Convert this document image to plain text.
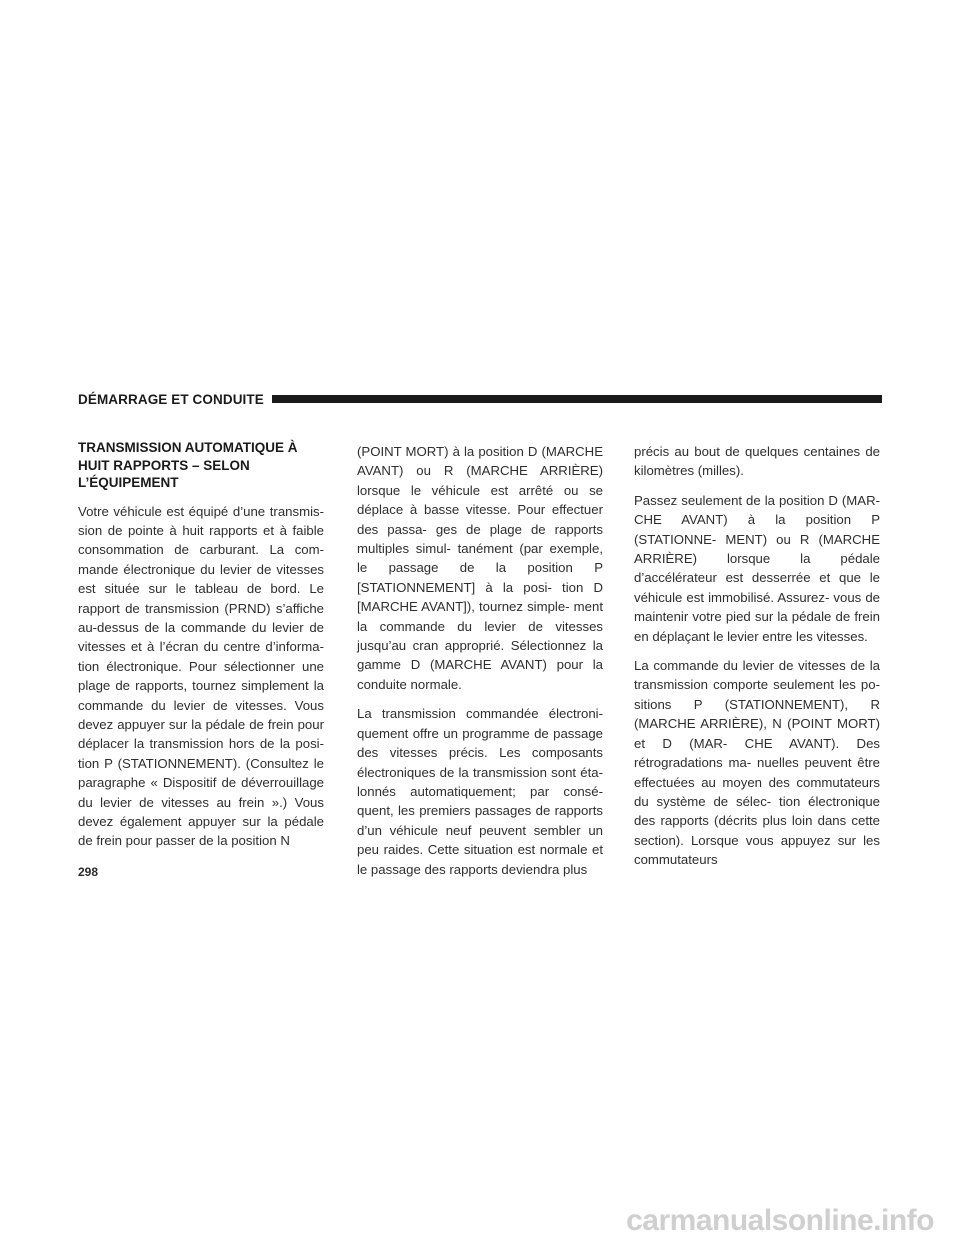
DÉMARRAGE ET CONDUITE
TRANSMISSION AUTOMATIQUE À HUIT RAPPORTS – SELON L’ÉQUIPEMENT

Votre véhicule est équipé d’une transmis- sion de pointe à huit rapports et à faible consommation de carburant. La com- mande électronique du levier de vitesses est située sur le tableau de bord. Le rapport de transmission (PRND) s’affiche au-dessus de la commande du levier de vitesses et à l’écran du centre d’informa- tion électronique. Pour sélectionner une plage de rapports, tournez simplement la commande du levier de vitesses. Vous devez appuyer sur la pédale de frein pour déplacer la transmission hors de la posi- tion P (STATIONNEMENT). (Consultez le paragraphe « Dispositif de déverrouillage du levier de vitesses au frein ».) Vous devez également appuyer sur la pédale de frein pour passer de la position N

(POINT MORT) à la position D (MARCHE AVANT) ou R (MARCHE ARRIÈRE) lorsque le véhicule est arrêté ou se déplace à basse vitesse. Pour effectuer des passa- ges de plage de rapports multiples simul- tanément (par exemple, le passage de la position P [STATIONNEMENT] à la posi- tion D [MARCHE AVANT]), tournez simple- ment la commande du levier de vitesses jusqu’au cran approprié. Sélectionnez la gamme D (MARCHE AVANT) pour la conduite normale.

La transmission commandée électroni- quement offre un programme de passage des vitesses précis. Les composants électroniques de la transmission sont éta- lonnés automatiquement; par consé- quent, les premiers passages de rapports d’un véhicule neuf peuvent sembler un peu raides. Cette situation est normale et le passage des rapports deviendra plus

précis au bout de quelques centaines de kilomètres (milles).

Passez seulement de la position D (MAR- CHE AVANT) à la position P (STATIONNE- MENT) ou R (MARCHE ARRIÈRE) lorsque la pédale d’accélérateur est desserrée et que le véhicule est immobilisé. Assurez- vous de maintenir votre pied sur la pédale de frein en déplaçant le levier entre les vitesses.

La commande du levier de vitesses de la transmission comporte seulement les po- sitions P (STATIONNEMENT), R (MARCHE ARRIÈRE), N (POINT MORT) et D (MAR- CHE AVANT). Des rétrogradations ma- nuelles peuvent être effectuées au moyen des commutateurs du système de sélec- tion électronique des rapports (décrits plus loin dans cette section). Lorsque vous appuyez sur les commutateurs

298
carmanualsonline.info
